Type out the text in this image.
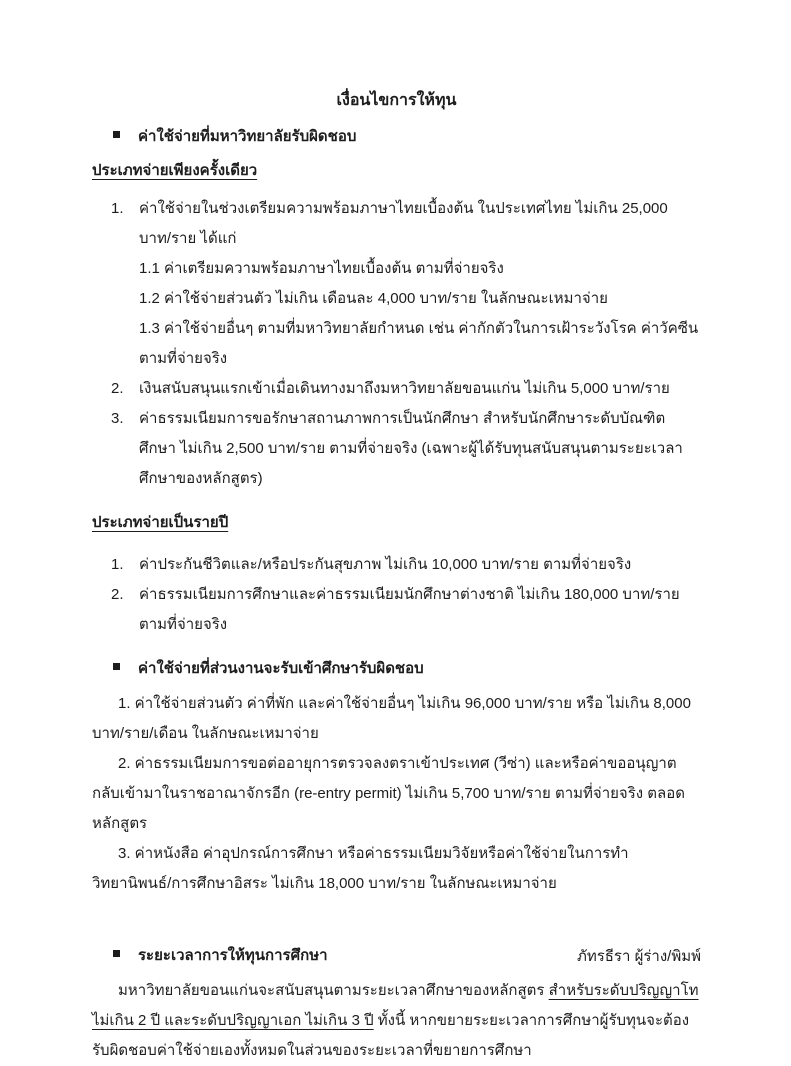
เงื่อนไขการให้ทุน
ค่าใช้จ่ายที่มหาวิทยาลัยรับผิดชอบ
ประเภทจ่ายเพียงครั้งเดียว
1.	ค่าใช้จ่ายในช่วงเตรียมความพร้อมภาษาไทยเบื้องต้น ในประเทศไทย ไม่เกิน 25,000 บาท/ราย ได้แก่
1.1 ค่าเตรียมความพร้อมภาษาไทยเบื้องต้น ตามที่จ่ายจริง
1.2 ค่าใช้จ่ายส่วนตัว ไม่เกิน เดือนละ 4,000 บาท/ราย ในลักษณะเหมาจ่าย
1.3 ค่าใช้จ่ายอื่นๆ ตามที่มหาวิทยาลัยกำหนด เช่น ค่ากักตัวในการเฝ้าระวังโรค ค่าวัคซีน ตามที่จ่ายจริง
2.	เงินสนับสนุนแรกเข้าเมื่อเดินทางมาถึงมหาวิทยาลัยขอนแก่น ไม่เกิน 5,000 บาท/ราย
3.	ค่าธรรมเนียมการขอรักษาสถานภาพการเป็นนักศึกษา สำหรับนักศึกษาระดับบัณฑิตศึกษา ไม่เกิน 2,500 บาท/ราย ตามที่จ่ายจริง (เฉพาะผู้ได้รับทุนสนับสนุนตามระยะเวลาศึกษาของหลักสูตร)
ประเภทจ่ายเป็นรายปี
1.	ค่าประกันชีวิตและ/หรือประกันสุขภาพ ไม่เกิน 10,000 บาท/ราย ตามที่จ่ายจริง
2.	ค่าธรรมเนียมการศึกษาและค่าธรรมเนียมนักศึกษาต่างชาติ ไม่เกิน 180,000 บาท/ราย ตามที่จ่ายจริง
ค่าใช้จ่ายที่ส่วนงานจะรับเข้าศึกษารับผิดชอบ

1. ค่าใช้จ่ายส่วนตัว ค่าที่พัก และค่าใช้จ่ายอื่นๆ ไม่เกิน 96,000 บาท/ราย หรือ ไม่เกิน 8,000 บาท/ราย/เดือน ในลักษณะเหมาจ่าย

2. ค่าธรรมเนียมการขอต่ออายุการตรวจลงตราเข้าประเทศ (วีซ่า) และหรือค่าขออนุญาตกลับเข้ามาในราชอาณาจักรอีก (re-entry permit) ไม่เกิน 5,700 บาท/ราย ตามที่จ่ายจริง ตลอดหลักสูตร

3. ค่าหนังสือ ค่าอุปกรณ์การศึกษา หรือค่าธรรมเนียมวิจัยหรือค่าใช้จ่ายในการทำวิทยานิพนธ์/การศึกษาอิสระ ไม่เกิน 18,000 บาท/ราย ในลักษณะเหมาจ่าย

ระยะเวลาการให้ทุนการศึกษา

มหาวิทยาลัยขอนแก่นจะสนับสนุนตามระยะเวลาศึกษาของหลักสูตร สำหรับระดับปริญญาโท ไม่เกิน 2 ปี และระดับปริญญาเอก ไม่เกิน 3 ปี ทั้งนี้ หากขยายระยะเวลาการศึกษาผู้รับทุนจะต้องรับผิดชอบค่าใช้จ่ายเองทั้งหมดในส่วนของระยะเวลาที่ขยายการศึกษา

ภัทรธีรา ผู้ร่าง/พิมพ์
